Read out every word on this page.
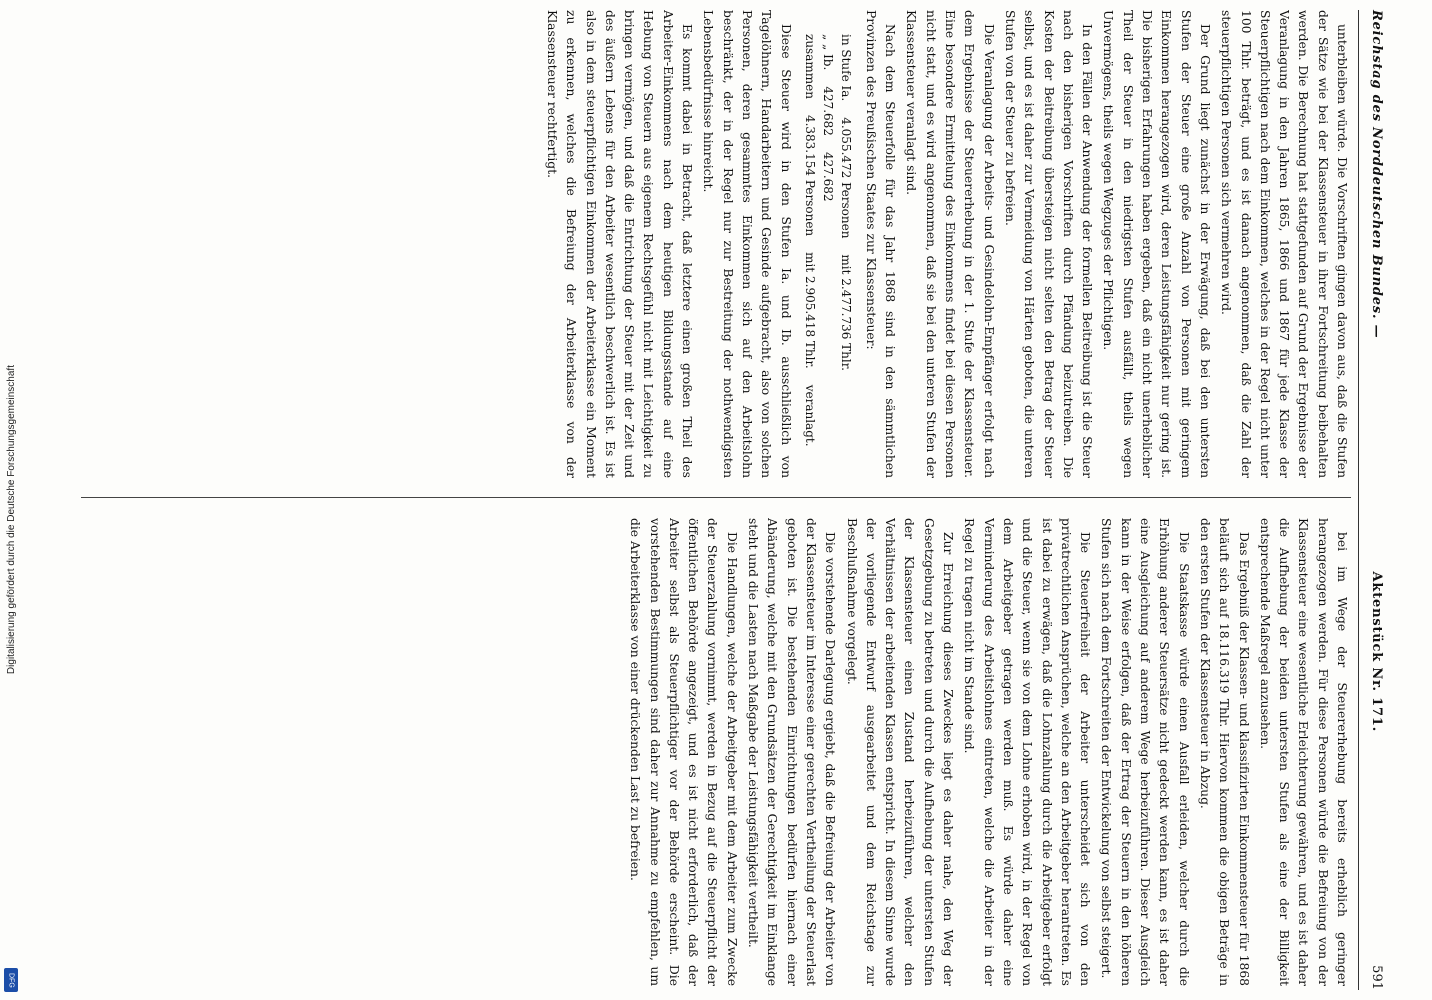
Digitalisierung gefördert durch die Deutsche Forschungsgemeinschaft
DFG
Reichstag des Norddeutschen Bundes. —
Aktenstück Nr. 171.
591

unterbleiben würde. Die Vorschriften gingen davon aus, daß die Stufen der Sätze wie bei der Klassensteuer in ihrer Fortschreitung beibehalten werden. Die Berechnung hat stattgefunden auf Grund der Ergebnisse der Veranlagung in den Jahren 1865, 1866 und 1867 für jede Klasse der Steuerpflichtigen nach dem Einkommen, welches in der Regel nicht unter 100 Thlr. beträgt, und es ist danach angenommen, daß die Zahl der steuerpflichtigen Personen sich vermehren wird.

Der Grund liegt zunächst in der Erwägung, daß bei den untersten Stufen der Steuer eine große Anzahl von Personen mit geringem Einkommen herangezogen wird, deren Leistungsfähigkeit nur gering ist. Die bisherigen Erfahrungen haben ergeben, daß ein nicht unerheblicher Theil der Steuer in den niedrigsten Stufen ausfällt, theils wegen Unvermögens, theils wegen Wegzuges der Pflichtigen.

In den Fällen der Anwendung der formellen Beitreibung ist die Steuer nach den bisherigen Vorschriften durch Pfändung beizutreiben. Die Kosten der Beitreibung übersteigen nicht selten den Betrag der Steuer selbst, und es ist daher zur Vermeidung von Härten geboten, die unteren Stufen von der Steuer zu befreien.

Die Veranlagung der Arbeits- und Gesindelohn-Empfänger erfolgt nach dem Ergebnisse der Steuererhebung in der 1. Stufe der Klassensteuer. Eine besondere Ermittelung des Einkommens findet bei diesen Personen nicht statt, und es wird angenommen, daß sie bei den unteren Stufen der Klassensteuer veranlagt sind.

Nach dem Steuerfolle für das Jahr 1868 sind in den sämmtlichen Provinzen des Preußischen Staates zur Klassensteuer:

in Stufe Ia.
4.055.472 Personen
mit 2.477.736 Thlr.
„ „ Ib.
427.682
427.682
zusammen
4.383.154 Personen
mit 2.905.418 Thlr.
veranlagt.

Diese Steuer wird in den Stufen Ia. und Ib. ausschließlich von Tagelöhnern, Handarbeitern und Gesinde aufgebracht, also von solchen Personen, deren gesammtes Einkommen sich auf den Arbeitslohn beschränkt, der in der Regel nur zur Bestreitung der nothwendigsten Lebensbedürfnisse hinreicht.

Es kommt dabei in Betracht, daß letztere einen großen Theil des Arbeiter-Einkommens nach dem heutigen Bildungsstande auf eine Hebung von Steuern aus eigenem Rechtsgefühl nicht mit Leichtigkeit zu bringen vermögen, und daß die Entrichtung der Steuer mit der Zeit und des äußern Lebens für den Arbeiter wesentlich beschwerlich ist. Es ist also in dem steuerpflichtigen Einkommen der Arbeiterklasse ein Moment zu erkennen, welches die Befreiung der Arbeiterklasse von der Klassensteuer rechtfertigt.

bei im Wege der Steuererhebung bereits erheblich geringer herangezogen werden. Für diese Personen würde die Befreiung von der Klassensteuer eine wesentliche Erleichterung gewähren, und es ist daher die Aufhebung der beiden untersten Stufen als eine der Billigkeit entsprechende Maßregel anzusehen.

Das Ergebniß der Klassen- und klassifizirten Einkommensteuer für 1868 beläuft sich auf 18.116.319 Thlr. Hiervon kommen die obigen Beträge in den ersten Stufen der Klassensteuer in Abzug.

Die Staatskasse würde einen Ausfall erleiden, welcher durch die Erhöhung anderer Steuersätze nicht gedeckt werden kann, es ist daher eine Ausgleichung auf anderem Wege herbeizuführen. Dieser Ausgleich kann in der Weise erfolgen, daß der Ertrag der Steuern in den höheren Stufen sich nach dem Fortschreiten der Entwickelung von selbst steigert.

Die Steuerfreiheit der Arbeiter unterscheidet sich von den privatrechtlichen Ansprüchen, welche an den Arbeitgeber herantreten. Es ist dabei zu erwägen, daß die Lohnzahlung durch die Arbeitgeber erfolgt und die Steuer, wenn sie von dem Lohne erhoben wird, in der Regel von dem Arbeitgeber getragen werden muß. Es würde daher eine Verminderung des Arbeitslohnes eintreten, welche die Arbeiter in der Regel zu tragen nicht im Stande sind.

Zur Erreichung dieses Zweckes liegt es daher nahe, den Weg der Gesetzgebung zu betreten und durch die Aufhebung der untersten Stufen der Klassensteuer einen Zustand herbeizuführen, welcher den Verhältnissen der arbeitenden Klassen entspricht. In diesem Sinne wurde der vorliegende Entwurf ausgearbeitet und dem Reichstage zur Beschlußnahme vorgelegt.

Die vorstehende Darlegung ergiebt, daß die Befreiung der Arbeiter von der Klassensteuer im Interesse einer gerechten Vertheilung der Steuerlast geboten ist. Die bestehenden Einrichtungen bedürfen hiernach einer Abänderung, welche mit den Grundsätzen der Gerechtigkeit im Einklange steht und die Lasten nach Maßgabe der Leistungsfähigkeit vertheilt.

Die Handlungen, welche der Arbeitgeber mit dem Arbeiter zum Zwecke der Steuerzahlung vornimmt, werden in Bezug auf die Steuerpflicht der öffentlichen Behörde angezeigt, und es ist nicht erforderlich, daß der Arbeiter selbst als Steuerpflichtiger vor der Behörde erscheint. Die vorstehenden Bestimmungen sind daher zur Annahme zu empfehlen, um die Arbeiterklasse von einer drückenden Last zu befreien.
